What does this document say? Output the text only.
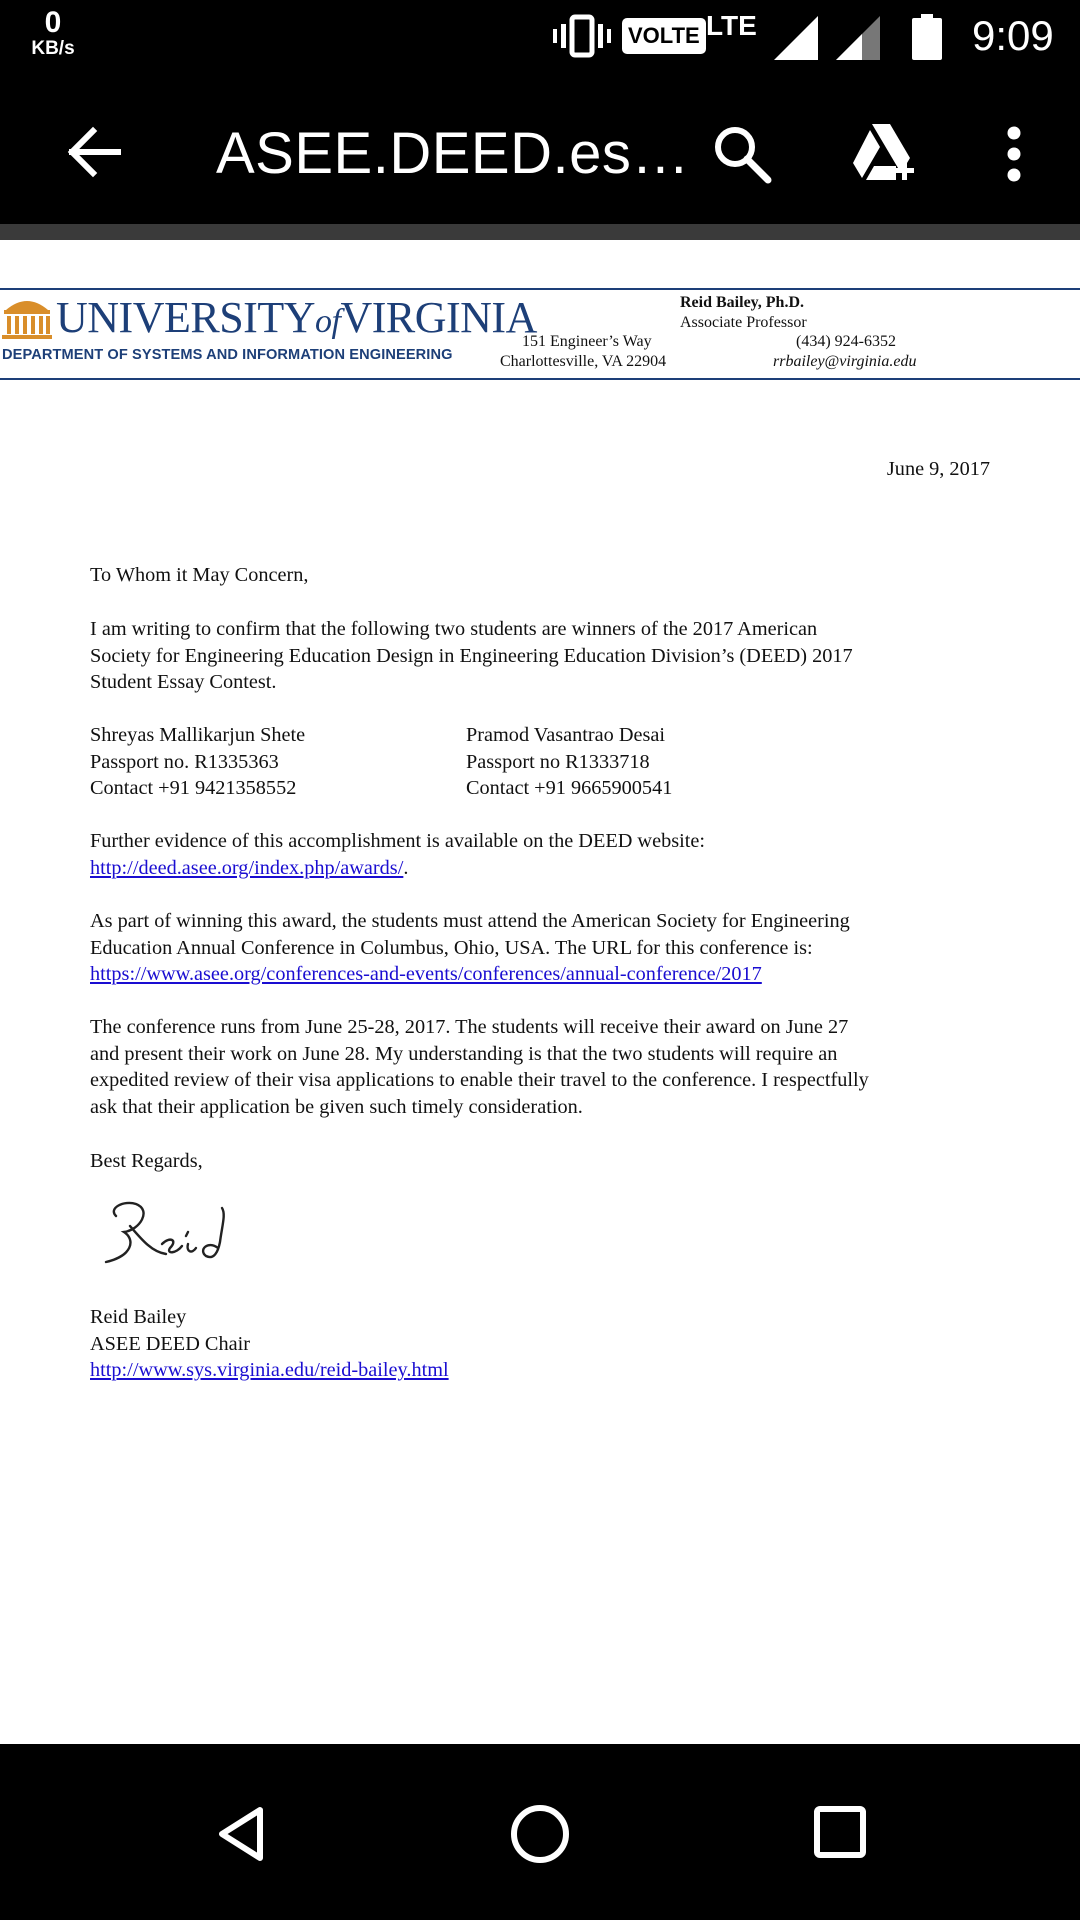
0
KB/s
VOLTE LTE	9:09
ASEE.DEED.es…
UNIVERSITYofVIRGINIA
DEPARTMENT OF SYSTEMS AND INFORMATION ENGINEERING
Reid Bailey, Ph.D.
Associate Professor
151 Engineer’s Way	(434) 924-6352
Charlottesville, VA 22904	rrbailey@virginia.edu
June 9, 2017
To Whom it May Concern,
I am writing to confirm that the following two students are winners of the 2017 American
Society for Engineering Education Design in Engineering Education Division’s (DEED) 2017
Student Essay Contest.
Shreyas Mallikarjun Shete
Passport no. R1335363
Contact +91 9421358552
Pramod Vasantrao Desai
Passport no R1333718
Contact +91 9665900541
Further evidence of this accomplishment is available on the DEED website:
http://deed.asee.org/index.php/awards/.
As part of winning this award, the students must attend the American Society for Engineering
Education Annual Conference in Columbus, Ohio, USA. The URL for this conference is:
https://www.asee.org/conferences-and-events/conferences/annual-conference/2017
The conference runs from June 25-28, 2017. The students will receive their award on June 27
and present their work on June 28. My understanding is that the two students will require an
expedited review of their visa applications to enable their travel to the conference. I respectfully
ask that their application be given such timely consideration.
Best Regards,
Reid Bailey
ASEE DEED Chair
http://www.sys.virginia.edu/reid-bailey.html
